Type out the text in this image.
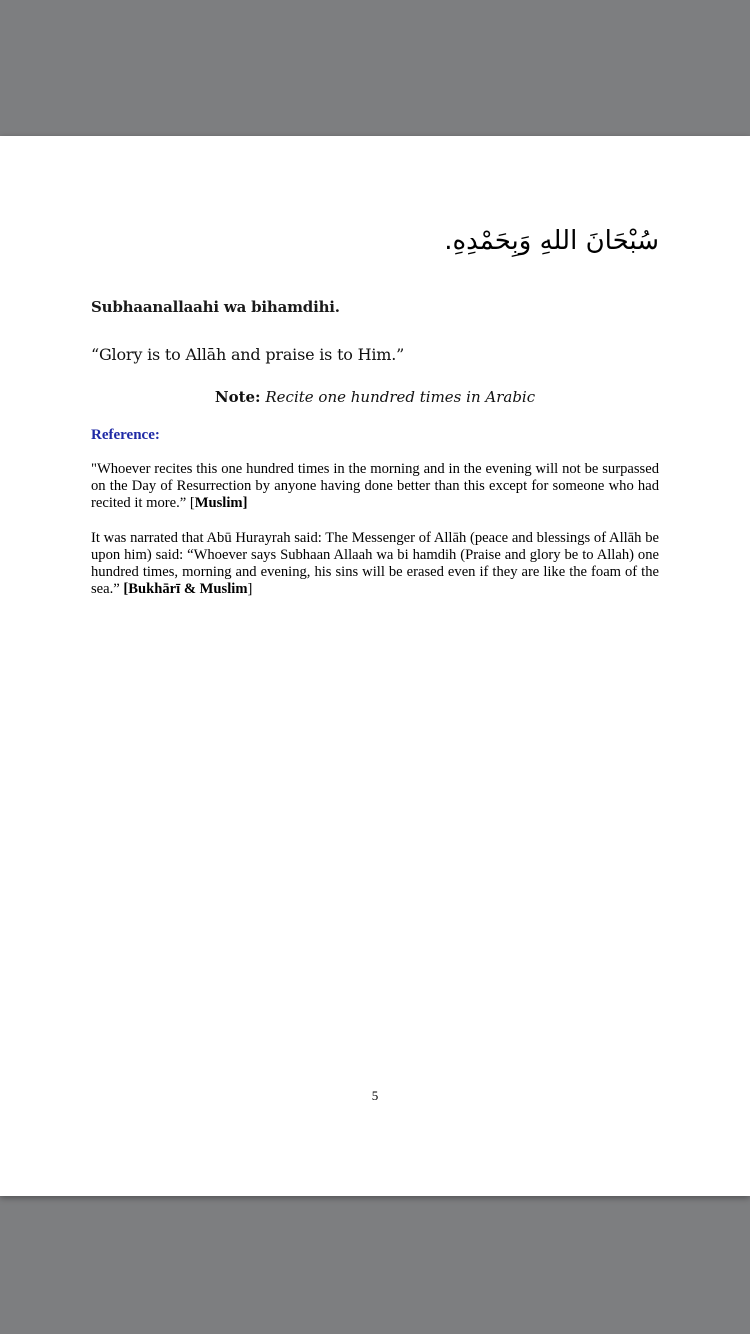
سُبْحَانَ اللهِ وَبِحَمْدِهِ.
Subhaanallaahi wa bihamdihi.
“Glory is to Allāh and praise is to Him.”
Note: Recite one hundred times in Arabic
Reference:
"Whoever recites this one hundred times in the morning and in the evening will not be surpassed on the Day of Resurrection by anyone having done better than this except for someone who had recited it more.” [Muslim]
It was narrated that Abū Hurayrah said: The Messenger of Allāh (peace and blessings of Allāh be upon him) said: “Whoever says Subhaan Allaah wa bi hamdih (Praise and glory be to Allah) one hundred times, morning and evening, his sins will be erased even if they are like the foam of the sea.” [Bukhārī & Muslim]
5
